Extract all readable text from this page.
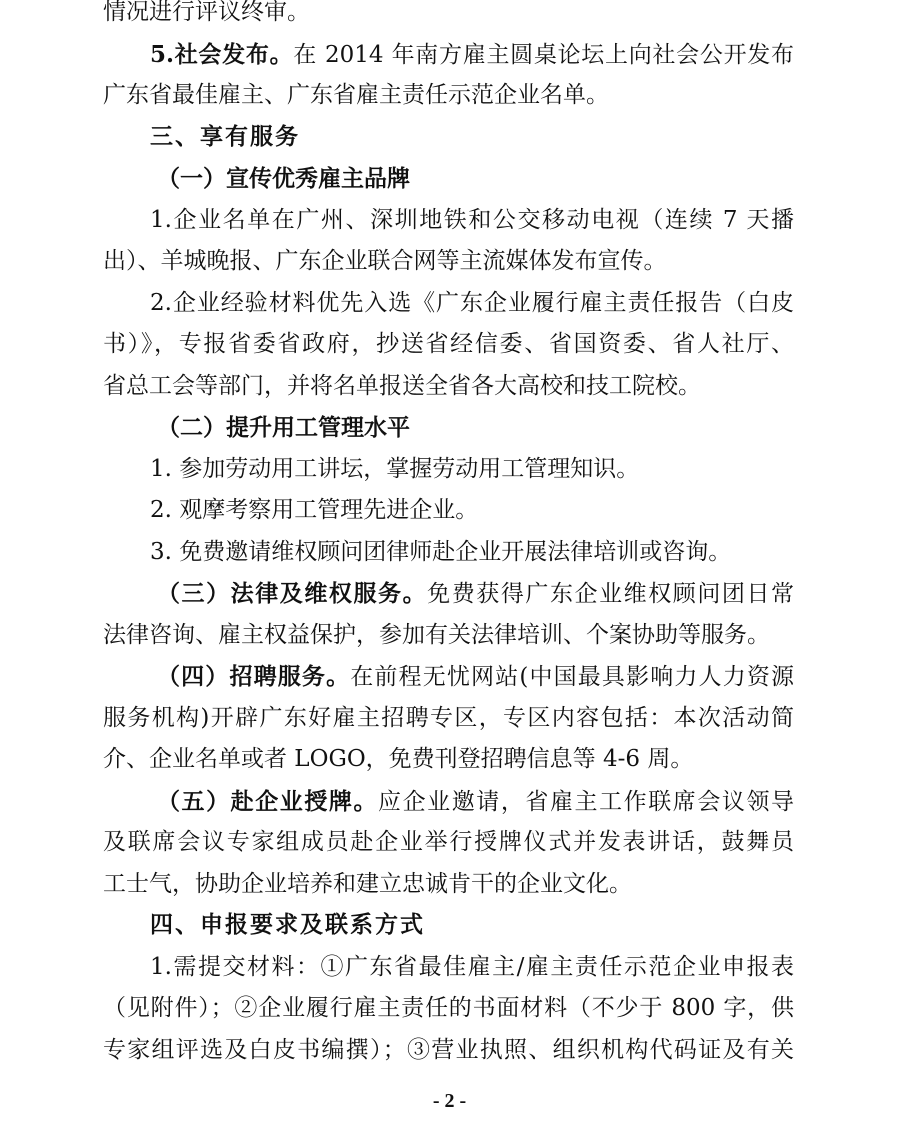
情况进行评议终审。
5.社会发布。在 2014 年南方雇主圆桌论坛上向社会公开发布
广东省最佳雇主、广东省雇主责任示范企业名单。
三、享有服务
（一）宣传优秀雇主品牌
1.企业名单在广州、深圳地铁和公交移动电视（连续 7 天播
出）、羊城晚报、广东企业联合网等主流媒体发布宣传。
2.企业经验材料优先入选《广东企业履行雇主责任报告（白皮
书）》，专报省委省政府，抄送省经信委、省国资委、省人社厅、
省总工会等部门，并将名单报送全省各大高校和技工院校。
（二）提升用工管理水平
1. 参加劳动用工讲坛，掌握劳动用工管理知识。
2. 观摩考察用工管理先进企业。
3. 免费邀请维权顾问团律师赴企业开展法律培训或咨询。
（三）法律及维权服务。免费获得广东企业维权顾问团日常
法律咨询、雇主权益保护，参加有关法律培训、个案协助等服务。
（四）招聘服务。在前程无忧网站(中国最具影响力人力资源
服务机构)开辟广东好雇主招聘专区，专区内容包括：本次活动简
介、企业名单或者 LOGO，免费刊登招聘信息等 4-6 周。
（五）赴企业授牌。应企业邀请，省雇主工作联席会议领导
及联席会议专家组成员赴企业举行授牌仪式并发表讲话，鼓舞员
工士气，协助企业培养和建立忠诚肯干的企业文化。
四、申报要求及联系方式
1.需提交材料：①广东省最佳雇主/雇主责任示范企业申报表
（见附件）；②企业履行雇主责任的书面材料（不少于 800 字，供
专家组评选及白皮书编撰）；③营业执照、组织机构代码证及有关
- 2 -
